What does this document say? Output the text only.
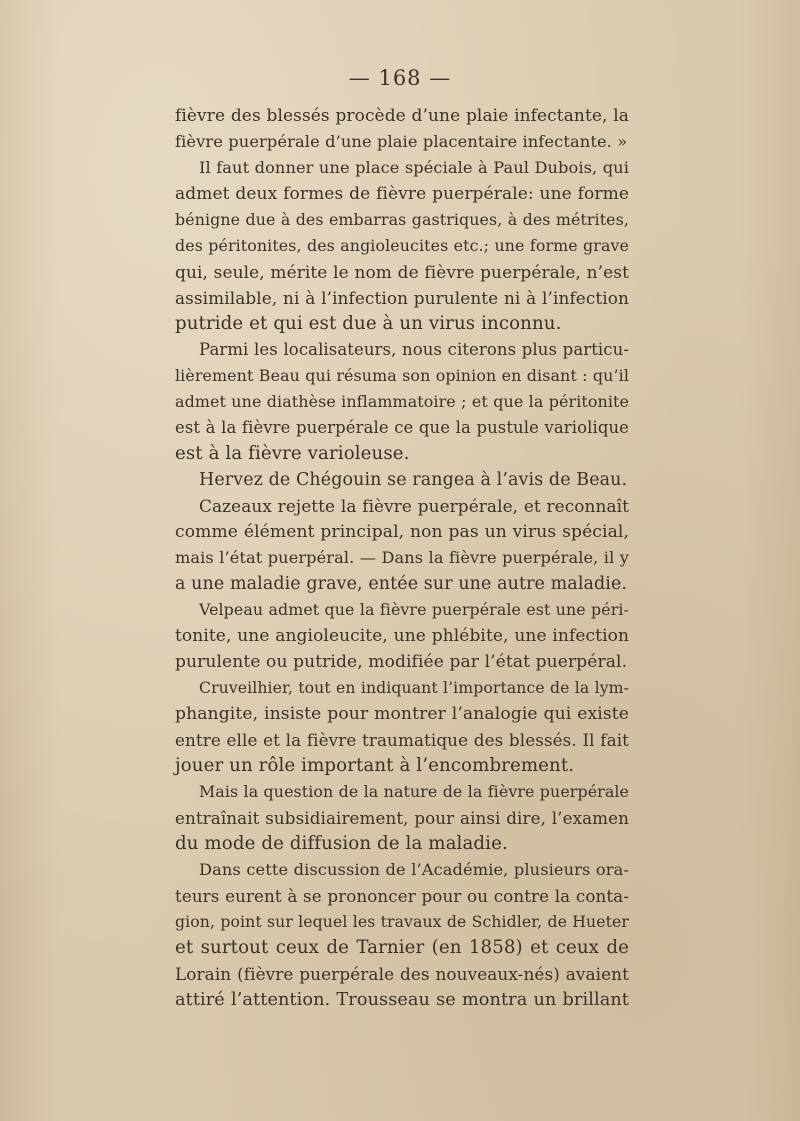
— 168 —
fièvre des blessés procède d’une plaie infectante, la
fièvre puerpérale d’une plaie placentaire infectante. »
Il faut donner une place spéciale à Paul Dubois, qui
admet deux formes de fièvre puerpérale: une forme
bénigne due à des embarras gastriques, à des métrites,
des péritonites, des angioleucites etc.; une forme grave
qui, seule, mérite le nom de fièvre puerpérale, n’est
assimilable, ni à l’infection purulente ni à l’infection
putride et qui est due à un virus inconnu.
Parmi les localisateurs, nous citerons plus particu-
lièrement Beau qui résuma son opinion en disant : qu’il
admet une diathèse inflammatoire ; et que la péritonite
est à la fièvre puerpérale ce que la pustule variolique
est à la fièvre varioleuse.
Hervez de Chégouin se rangea à l’avis de Beau.
Cazeaux rejette la fièvre puerpérale, et reconnaît
comme élément principal, non pas un virus spécial,
mais l’état puerpéral. — Dans la fièvre puerpérale, il y
a une maladie grave, entée sur une autre maladie.
Velpeau admet que la fièvre puerpérale est une péri-
tonite, une angioleucite, une phlébite, une infection
purulente ou putride, modifiée par l’état puerpéral.
Cruveilhier, tout en indiquant l’importance de la lym-
phangite, insiste pour montrer l’analogie qui existe
entre elle et la fièvre traumatique des blessés. Il fait
jouer un rôle important à l’encombrement.
Mais la question de la nature de la fièvre puerpérale
entraînait subsidiairement, pour ainsi dire, l’examen
du mode de diffusion de la maladie.
Dans cette discussion de l’Académie, plusieurs ora-
teurs eurent à se prononcer pour ou contre la conta-
gion, point sur lequel les travaux de Schidler, de Hueter
et surtout ceux de Tarnier (en 1858) et ceux de
Lorain (fièvre puerpérale des nouveaux-nés) avaient
attiré l’attention. Trousseau se montra un brillant
